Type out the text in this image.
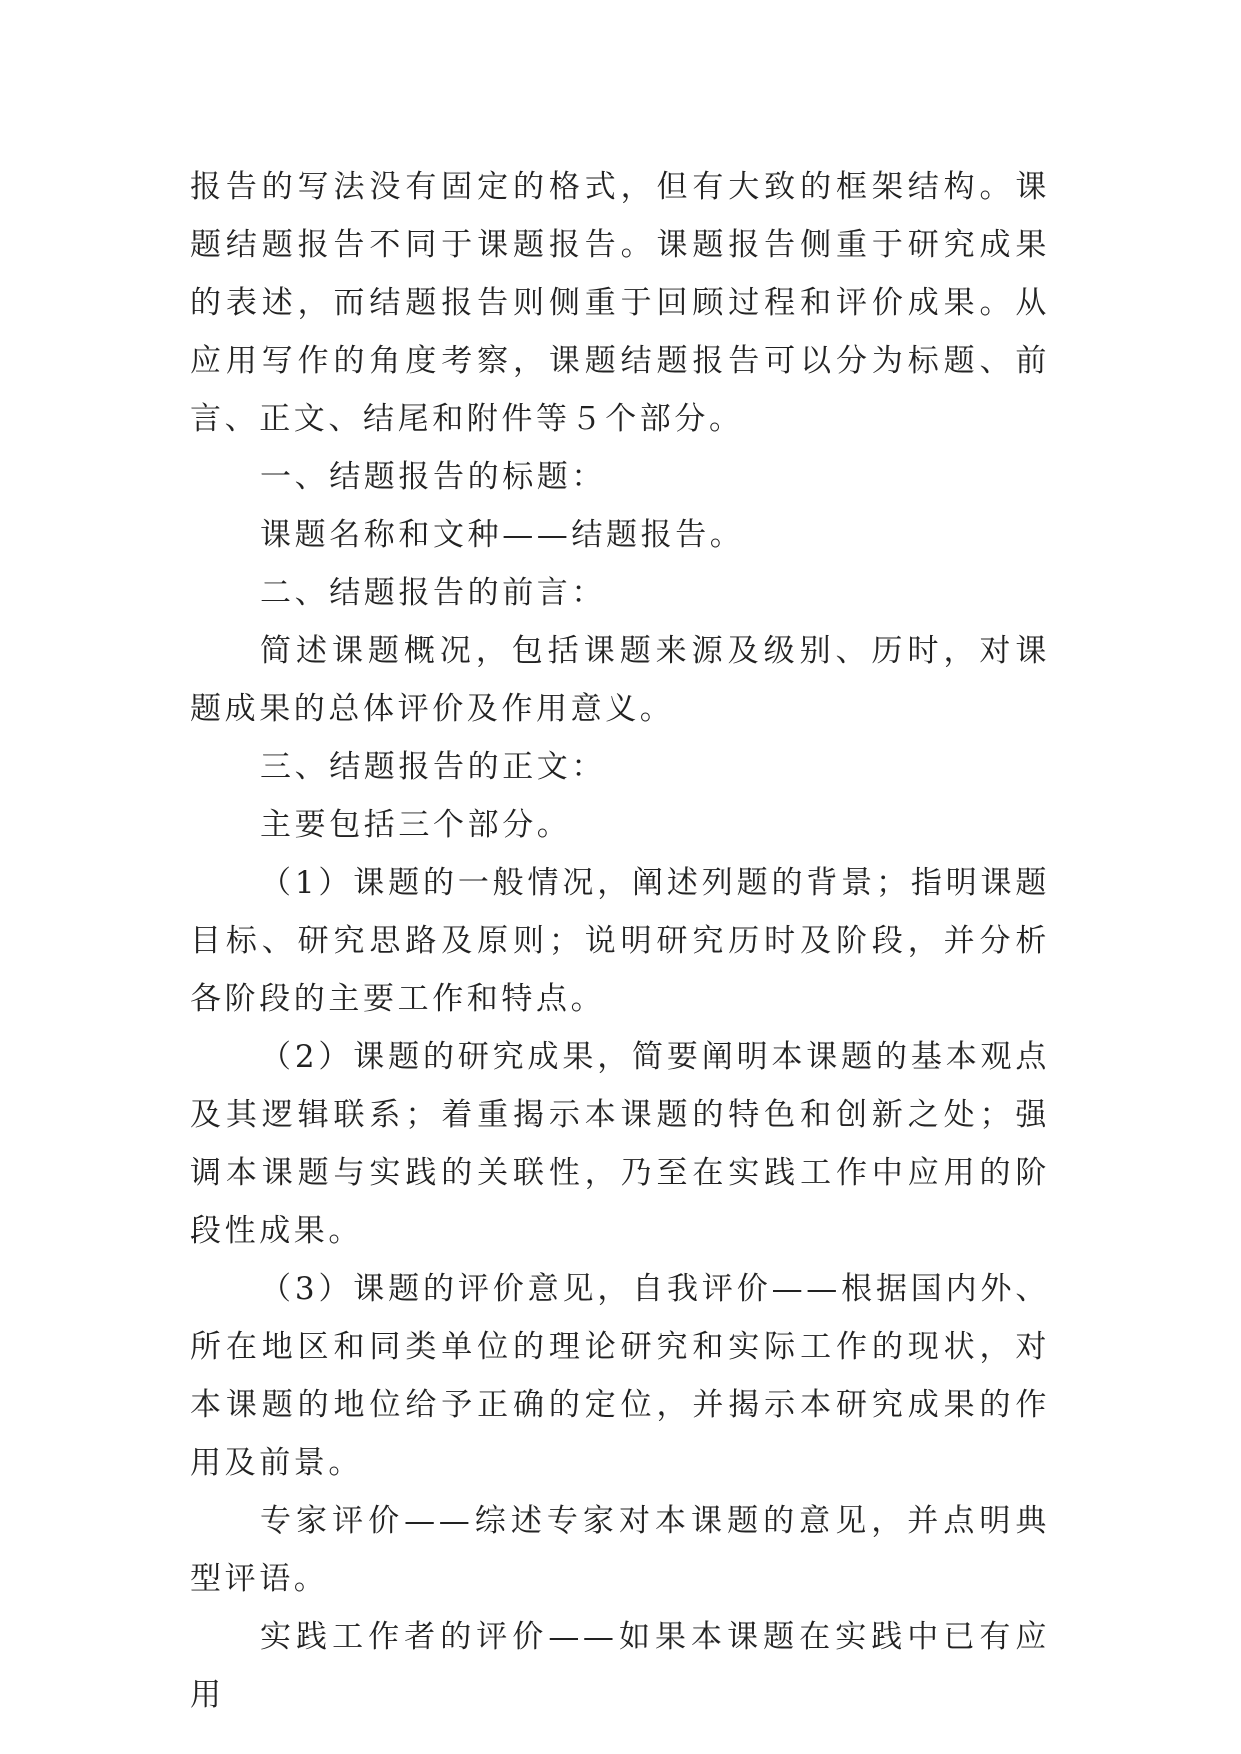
报告的写法没有固定的格式，但有大致的框架结构。课题结题报告不同于课题报告。课题报告侧重于研究成果的表述，而结题报告则侧重于回顾过程和评价成果。从应用写作的角度考察，课题结题报告可以分为标题、前言、正文、结尾和附件等５个部分。

一、结题报告的标题：

课题名称和文种——结题报告。

二、结题报告的前言：

简述课题概况，包括课题来源及级别、历时，对课题成果的总体评价及作用意义。

三、结题报告的正文：

主要包括三个部分。

（1）课题的一般情况，阐述列题的背景；指明课题目标、研究思路及原则；说明研究历时及阶段，并分析各阶段的主要工作和特点。

（2）课题的研究成果，简要阐明本课题的基本观点及其逻辑联系；着重揭示本课题的特色和创新之处；强调本课题与实践的关联性，乃至在实践工作中应用的阶段性成果。

（3）课题的评价意见，自我评价——根据国内外、所在地区和同类单位的理论研究和实际工作的现状，对本课题的地位给予正确的定位，并揭示本研究成果的作用及前景。

专家评价——综述专家对本课题的意见，并点明典型评语。

实践工作者的评价——如果本课题在实践中已有应用
